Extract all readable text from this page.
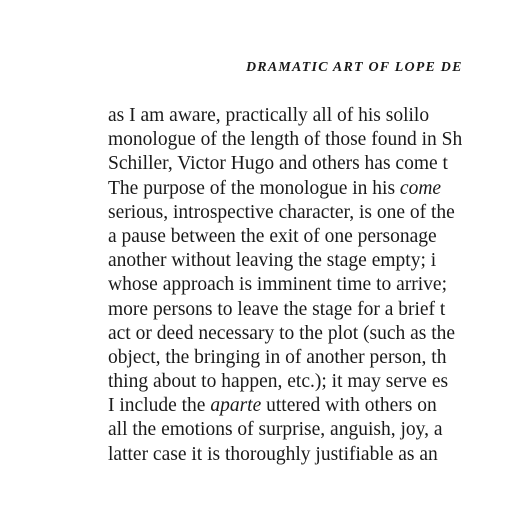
DRAMATIC ART OF LOPE DE
as I am aware, practically all of his solilo
monologue of the length of those found in Sh
Schiller, Victor Hugo and others has come t
The purpose of the monologue in his come
serious, introspective character, is one of the
a pause between the exit of one personage
another without leaving the stage empty; i
whose approach is imminent time to arrive;
more persons to leave the stage for a brief t
act or deed necessary to the plot (such as the
object, the bringing in of another person, th
thing about to happen, etc.); it may serve es
I include the aparte uttered with others on
all the emotions of surprise, anguish, joy, a
latter case it is thoroughly justifiable as an
